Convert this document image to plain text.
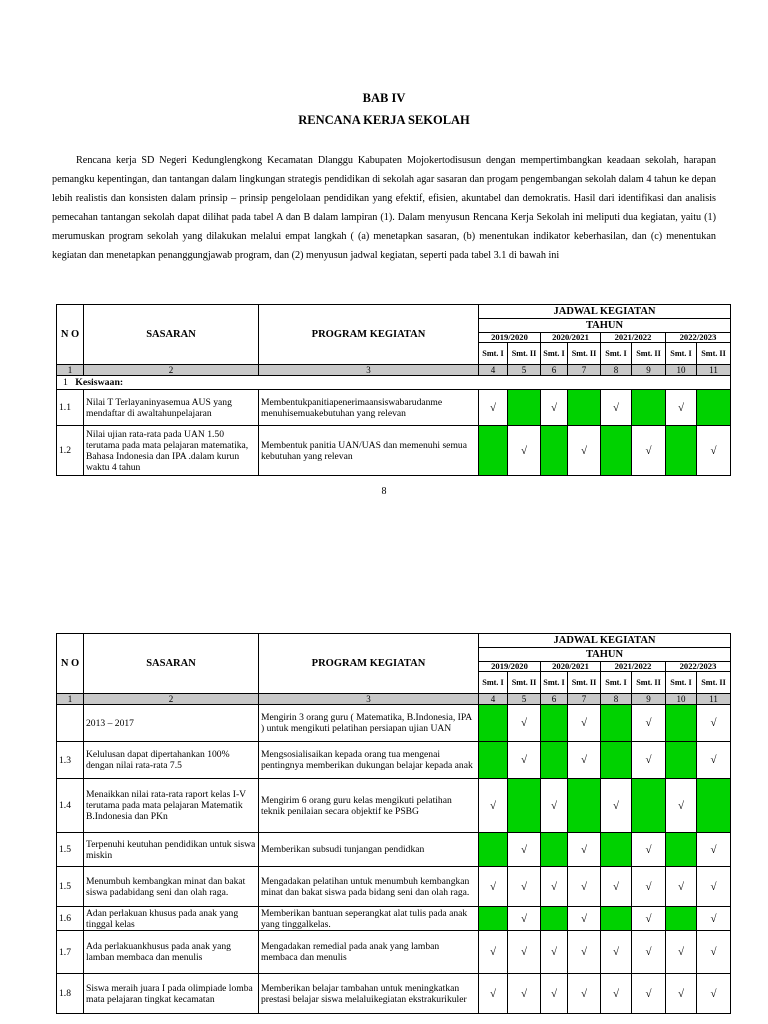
BAB IV
RENCANA KERJA SEKOLAH

Rencana kerja SD Negeri Kedunglengkong Kecamatan Dlanggu Kabupaten Mojokertodisusun dengan mempertimbangkan keadaan sekolah, harapan pemangku kepentingan, dan tantangan dalam lingkungan strategis pendidikan di sekolah agar sasaran dan progam pengembangan sekolah dalam 4 tahun ke depan lebih realistis dan konsisten dalam prinsip – prinsip pengelolaan pendidikan yang efektif, efisien, akuntabel dan demokratis. Hasil dari identifikasi dan analisis pemecahan tantangan sekolah dapat dilihat pada tabel A dan B dalam lampiran (1). Dalam menyusun Rencana Kerja Sekolah ini meliputi dua kegiatan, yaitu (1) merumuskan program sekolah yang dilakukan melalui empat langkah ( (a) menetapkan sasaran, (b) menentukan indikator keberhasilan, dan (c) menentukan kegiatan dan menetapkan penanggungjawab program, dan (2) menyusun jadwal kegiatan, seperti pada tabel 3.1 di bawah ini

N O	SASARAN	PROGRAM KEGIATAN	JADWAL KEGIATAN							
			TAHUN							
			2019/2020		2020/2021		2021/2022		2022/2023	
			Smt. I	Smt. II	Smt. I	Smt. II	Smt. I	Smt. II	Smt. I	Smt. II
1	2	3	4	5	6	7	8	9	10	11
1 Kesiswaan:										
1.1	Nilai T Terlayaninyasemua AUS yang mendaftar di awaltahunpelajaran	Membentukpanitiapenerimaansiswabarudanme menuhisemuakebutuhan yang relevan	√		√		√		√	
1.2	Nilai ujian rata-rata pada UAN 1.50 terutama pada mata pelajaran matematika, Bahasa Indonesia dan IPA .dalam kurun waktu 4 tahun	Membentuk panitia UAN/UAS dan memenuhi semua kebutuhan yang relevan		√		√		√		√
8
N O	SASARAN	PROGRAM KEGIATAN	JADWAL KEGIATAN							
			TAHUN							
			2019/2020		2020/2021		2021/2022		2022/2023	
			Smt. I	Smt. II	Smt. I	Smt. II	Smt. I	Smt. II	Smt. I	Smt. II
1	2	3	4	5	6	7	8	9	10	11
	2013 – 2017	Mengirin 3 orang guru ( Matematika, B.Indonesia, IPA ) untuk mengikuti pelatihan persiapan ujian UAN		√		√		√		√
1.3	Kelulusan dapat dipertahankan 100% dengan nilai rata-rata 7.5	Mengsosialisaikan kepada orang tua mengenai pentingnya memberikan dukungan belajar kepada anak		√		√		√		√
1.4	Menaikkan nilai rata-rata raport kelas I-V terutama pada mata pelajaran Matematik B.Indonesia dan PKn	Mengirim 6 orang guru kelas mengikuti pelatihan teknik penilaian secara objektif ke PSBG	√		√		√		√	
1.5	Terpenuhi keutuhan pendidikan untuk siswa miskin	Memberikan subsudi tunjangan pendidkan		√		√		√		√
1.5	Menumbuh kembangkan minat dan bakat siswa padabidang seni dan olah raga.	Mengadakan pelatihan untuk menumbuh kembangkan minat dan bakat siswa pada bidang seni dan olah raga.	√	√	√	√	√	√	√	√
1.6	Adan perlakuan khusus pada anak yang tinggal kelas	Memberikan bantuan seperangkat alat tulis pada anak yang tinggalkelas.		√		√		√		√
1.7	Ada perlakuankhusus pada anak yang lamban membaca dan menulis	Mengadakan remedial pada anak yang lamban membaca dan menulis	√	√	√	√	√	√	√	√
1.8	Siswa meraih juara I pada olimpiade lomba mata pelajaran tingkat kecamatan	Memberikan belajar tambahan untuk meningkatkan prestasi belajar siswa melaluikegiatan ekstrakurikuler	√	√	√	√	√	√	√	√
